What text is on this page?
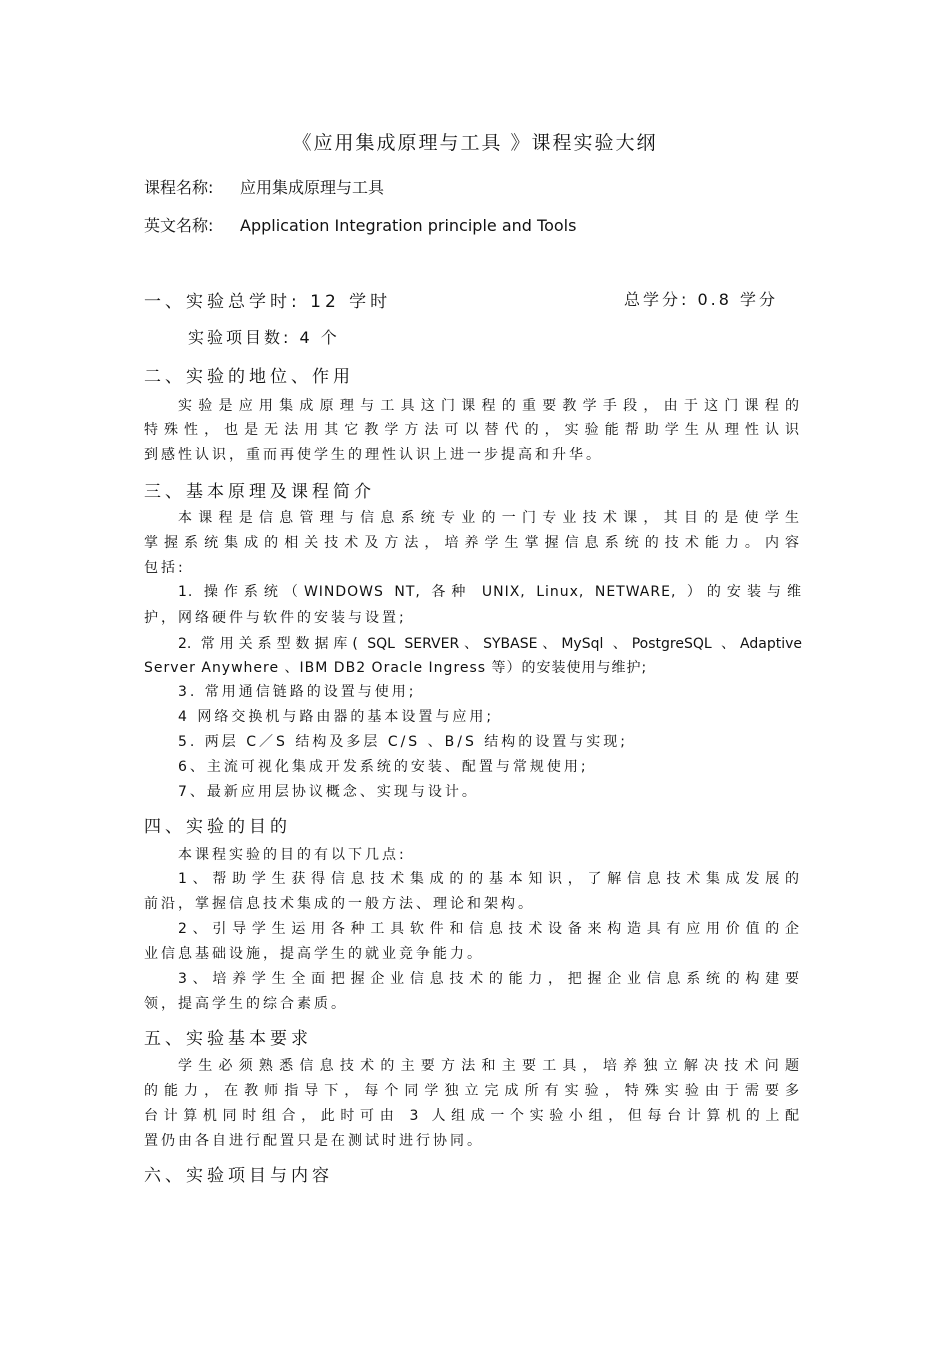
《应用集成原理与工具 》课程实验大纲
课程名称: 应用集成原理与工具
英文名称: Application Integration principle and Tools
一、实验总学时: 12 学时	总学分: 0.8 学分
实验项目数: 4 个
二、实验的地位、作用
实验是应用集成原理与工具这门课程的重要教学手段，由于这门课程的
特殊性，也是无法用其它教学方法可以替代的，实验能帮助学生从理性认识
到感性认识，重而再使学生的理性认识上进一步提高和升华。
三、基本原理及课程简介
本课程是信息管理与信息系统专业的一门专业技术课，其目的是使学生
掌握系统集成的相关技术及方法，培养学生掌握信息系统的技术能力。内容
包括:
1. 操作系统（WINDOWS NT, 各种 UNIX, Linux, NETWARE, ）的安装与维
护，网络硬件与软件的安装与设置;
2. 常用关系型数据库( SQL SERVER、SYBASE、MySql 、PostgreSQL 、Adaptive
Server Anywhere 、IBM DB2 Oracle Ingress 等）的安装使用与维护;
3. 常用通信链路的设置与使用;
4 网络交换机与路由器的基本设置与应用;
5. 两层 C／S 结构及多层 C/S 、B/S 结构的设置与实现;
6、主流可视化集成开发系统的安装、配置与常规使用;
7、最新应用层协议概念、实现与设计。
四、实验的目的
本课程实验的目的有以下几点:
1、帮助学生获得信息技术集成的的基本知识，了解信息技术集成发展的
前沿，掌握信息技术集成的一般方法、理论和架构。
2、引导学生运用各种工具软件和信息技术设备来构造具有应用价值的企
业信息基础设施，提高学生的就业竞争能力。
3、培养学生全面把握企业信息技术的能力，把握企业信息系统的构建要
领，提高学生的综合素质。
五、实验基本要求
学生必须熟悉信息技术的主要方法和主要工具，培养独立解决技术问题
的能力，在教师指导下，每个同学独立完成所有实验，特殊实验由于需要多
台计算机同时组合，此时可由 3 人组成一个实验小组，但每台计算机的上配
置仍由各自进行配置只是在测试时进行协同。
六、实验项目与内容
